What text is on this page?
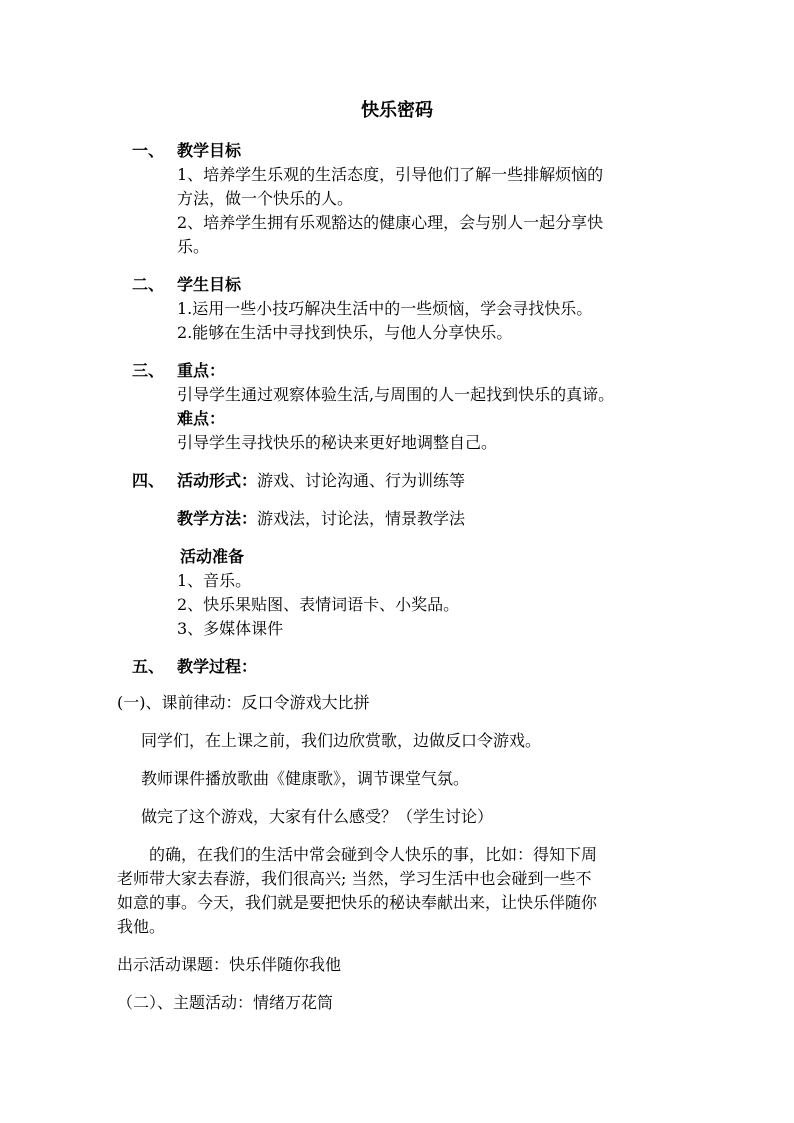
快乐密码
一、 教学目标
1、培养学生乐观的生活态度，引导他们了解一些排解烦恼的
方法，做一个快乐的人。
2、培养学生拥有乐观豁达的健康心理，会与别人一起分享快
乐。
二、 学生目标
1.运用一些小技巧解决生活中的一些烦恼，学会寻找快乐。
2.能够在生活中寻找到快乐，与他人分享快乐。
三、 重点：
引导学生通过观察体验生活,与周围的人一起找到快乐的真谛。
难点：
引导学生寻找快乐的秘诀来更好地调整自己。
四、 活动形式：游戏、讨论沟通、行为训练等
教学方法：游戏法，讨论法，情景教学法
活动准备
1、音乐。
2、快乐果贴图、表情词语卡、小奖品。
3、多媒体课件
五、 教学过程：
(一)、课前律动：反口令游戏大比拼
同学们，在上课之前，我们边欣赏歌，边做反口令游戏。
教师课件播放歌曲《健康歌》，调节课堂气氛。
做完了这个游戏，大家有什么感受？（学生讨论）
的确，在我们的生活中常会碰到令人快乐的事，比如：得知下周
老师带大家去春游，我们很高兴; 当然，学习生活中也会碰到一些不
如意的事。今天，我们就是要把快乐的秘诀奉献出来，让快乐伴随你
我他。
出示活动课题：快乐伴随你我他
（二）、主题活动：情绪万花筒
